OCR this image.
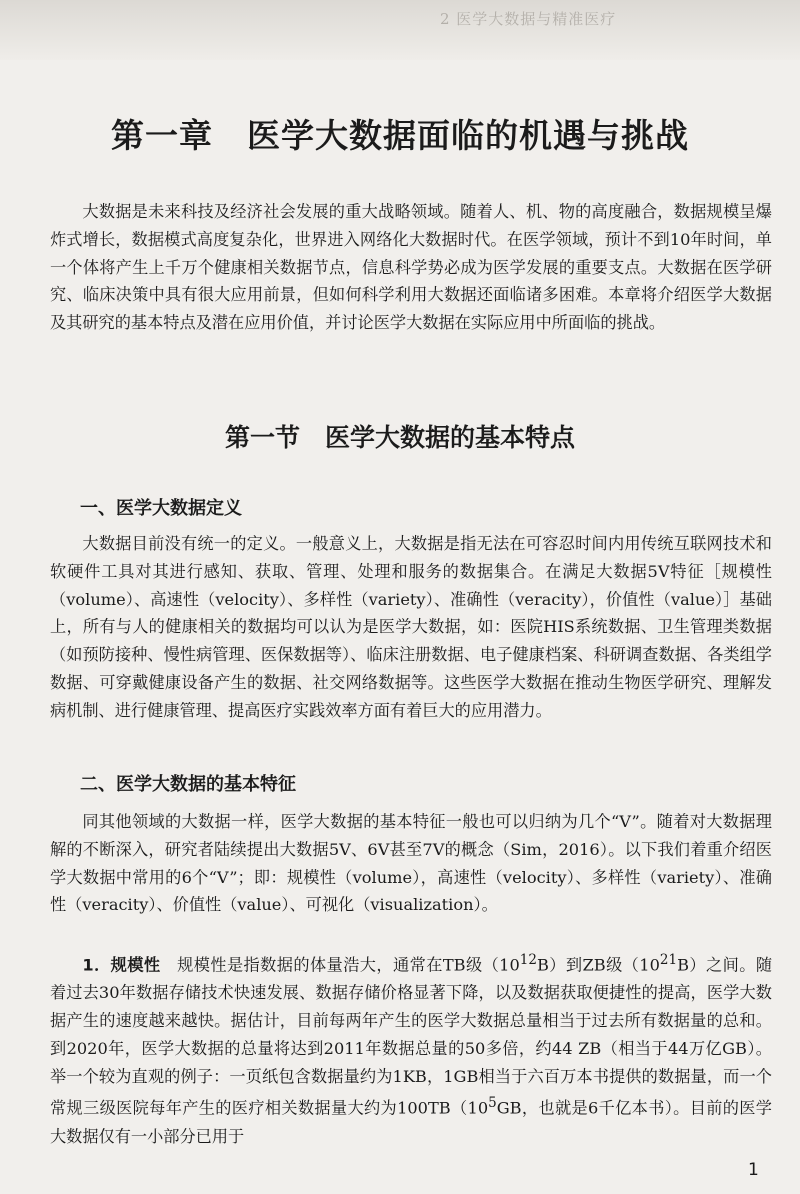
2 医学大数据与精准医疗
第一章　医学大数据面临的机遇与挑战

大数据是未来科技及经济社会发展的重大战略领域。随着人、机、物的高度融合，数据规模呈爆炸式增长，数据模式高度复杂化，世界进入网络化大数据时代。在医学领域，预计不到10年时间，单一个体将产生上千万个健康相关数据节点，信息科学势必成为医学发展的重要支点。大数据在医学研究、临床决策中具有很大应用前景，但如何科学利用大数据还面临诸多困难。本章将介绍医学大数据及其研究的基本特点及潜在应用价值，并讨论医学大数据在实际应用中所面临的挑战。

第一节　医学大数据的基本特点
一、医学大数据定义

大数据目前没有统一的定义。一般意义上，大数据是指无法在可容忍时间内用传统互联网技术和软硬件工具对其进行感知、获取、管理、处理和服务的数据集合。在满足大数据5V特征［规模性（volume）、高速性（velocity）、多样性（variety）、准确性（veracity），价值性（value）］基础上，所有与人的健康相关的数据均可以认为是医学大数据，如：医院HIS系统数据、卫生管理类数据（如预防接种、慢性病管理、医保数据等）、临床注册数据、电子健康档案、科研调查数据、各类组学数据、可穿戴健康设备产生的数据、社交网络数据等。这些医学大数据在推动生物医学研究、理解发病机制、进行健康管理、提高医疗实践效率方面有着巨大的应用潜力。

二、医学大数据的基本特征

同其他领域的大数据一样，医学大数据的基本特征一般也可以归纳为几个“V”。随着对大数据理解的不断深入，研究者陆续提出大数据5V、6V甚至7V的概念（Sim，2016）。以下我们着重介绍医学大数据中常用的6个“V”；即：规模性（volume），高速性（velocity）、多样性（variety）、准确性（veracity）、价值性（value）、可视化（visualization）。

1．规模性　 规模性是指数据的体量浩大，通常在TB级$(10^{12}B)$到ZB级$(10^{21}B)$之间。随着过去30年数据存储技术快速发展、数据存储价格显著下降，以及数据获取便捷性的提高，医学大数据产生的速度越来越快。据估计，目前每两年产生的医学大数据总量相当于过去所有数据量的总和。到2020年，医学大数据的总量将达到2011年数据总量的50多倍，约44 ZB（相当于44万亿GB）。举一个较为直观的例子：一页纸包含数据量约为1KB，1GB相当于六百万本书提供的数据量，而一个常规三级医院每年产生的医疗相关数据量大约为$100TB(10^5GB$，也就是6千亿本书）。目前的医学大数据仅有一小部分已用于

1
